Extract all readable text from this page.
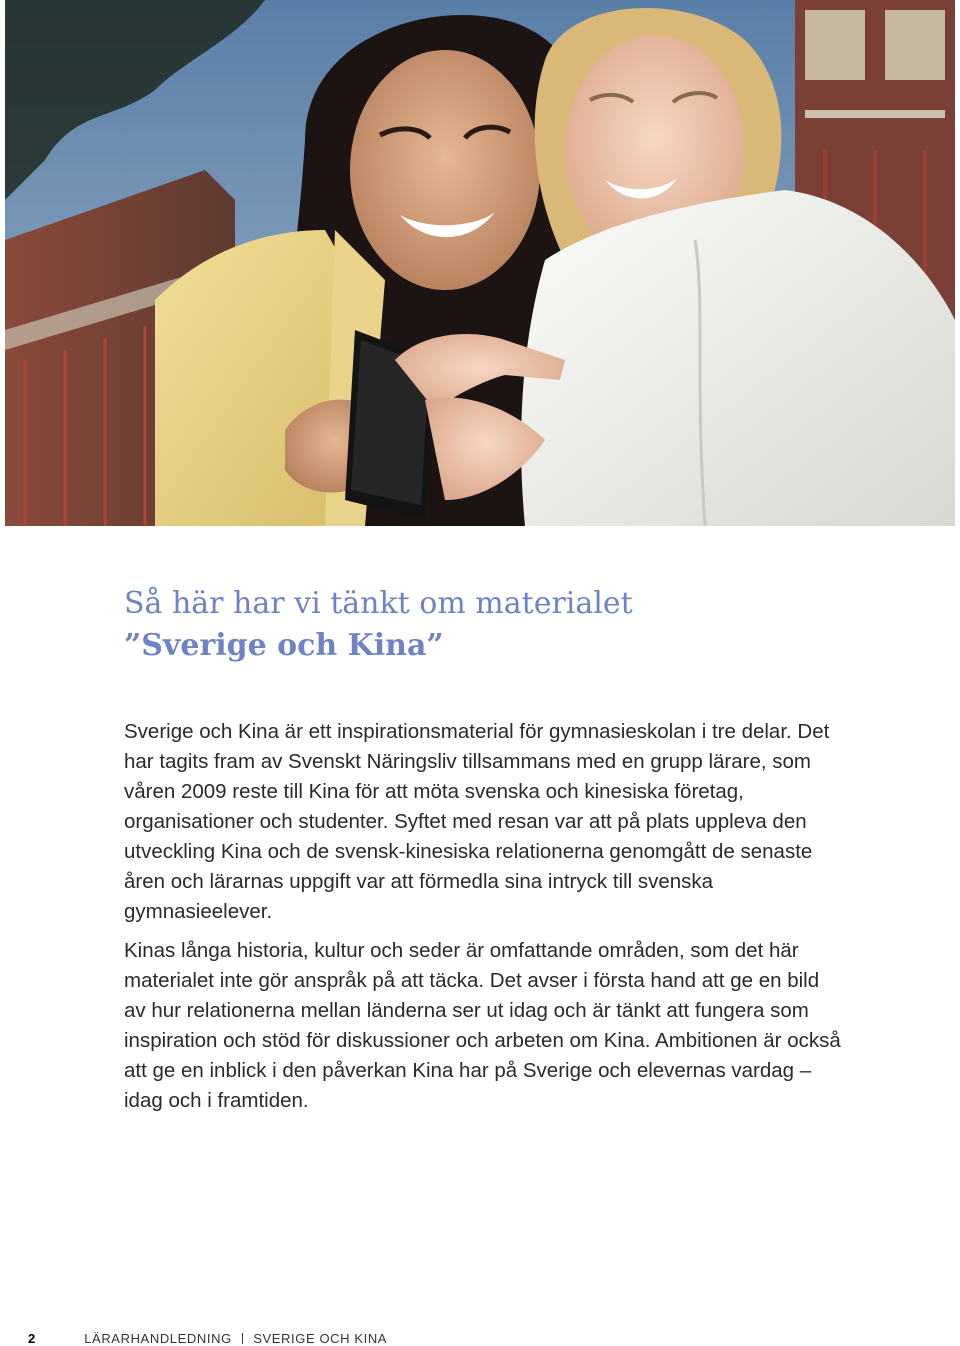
Så här har vi tänkt om materialet
”Sverige och Kina”

Sverige och Kina är ett inspirationsmaterial för gymnasieskolan i tre delar. Det har tagits fram av Svenskt Näringsliv tillsammans med en grupp lärare, som våren 2009 reste till Kina för att möta svenska och kinesiska företag, organisationer och studenter. Syftet med resan var att på plats uppleva den utveckling Kina och de svensk-kinesiska relationerna genomgått de senaste åren och lärarnas uppgift var att förmedla sina intryck till svenska gymnasieelever.

Kinas långa historia, kultur och seder är omfattande områden, som det här materialet inte gör anspråk på att täcka. Det avser i första hand att ge en bild av hur relationerna mellan länderna ser ut idag och är tänkt att fungera som inspiration och stöd för diskussioner och arbeten om Kina. Ambitionen är också att ge en inblick i den påverkan Kina har på Sverige och elevernas vardag – idag och i framtiden.

2	LÄRARHANDLEDNING SVERIGE OCH KINA
